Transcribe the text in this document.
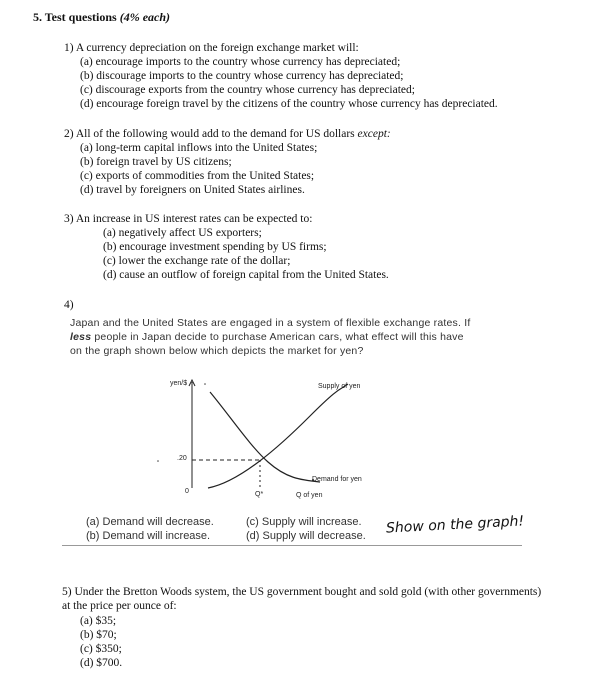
5. Test questions (4% each)
1) A currency depreciation on the foreign exchange market will:
(a) encourage imports to the country whose currency has depreciated;
(b) discourage imports to the country whose currency has depreciated;
(c) discourage exports from the country whose currency has depreciated;
(d) encourage foreign travel by the citizens of the country whose currency has depreciated.
2) All of the following would add to the demand for US dollars except:
(a) long-term capital inflows into the United States;
(b) foreign travel by US citizens;
(c) exports of commodities from the United States;
(d) travel by foreigners on United States airlines.
3) An increase in US interest rates can be expected to:
(a) negatively affect US exporters;
(b) encourage investment spending by US firms;
(c) lower the exchange rate of the dollar;
(d) cause an outflow of foreign capital from the United States.
4)
Japan and the United States are engaged in a system of flexible exchange rates. If
less people in Japan decide to purchase American cars, what effect will this have
on the graph shown below which depicts the market for yen?
yen/$	Supply of yen
Demand for yen
.20
0	Q*	Q of yen
(a) Demand will decrease.
(b) Demand will increase.
(c) Supply will increase.
(d) Supply will decrease. Show on the graph!
5) Under the Bretton Woods system, the US government bought and sold gold (with other governments)
at the price per ounce of:
(a) $35;
(b) $70;
(c) $350;
(d) $700.
